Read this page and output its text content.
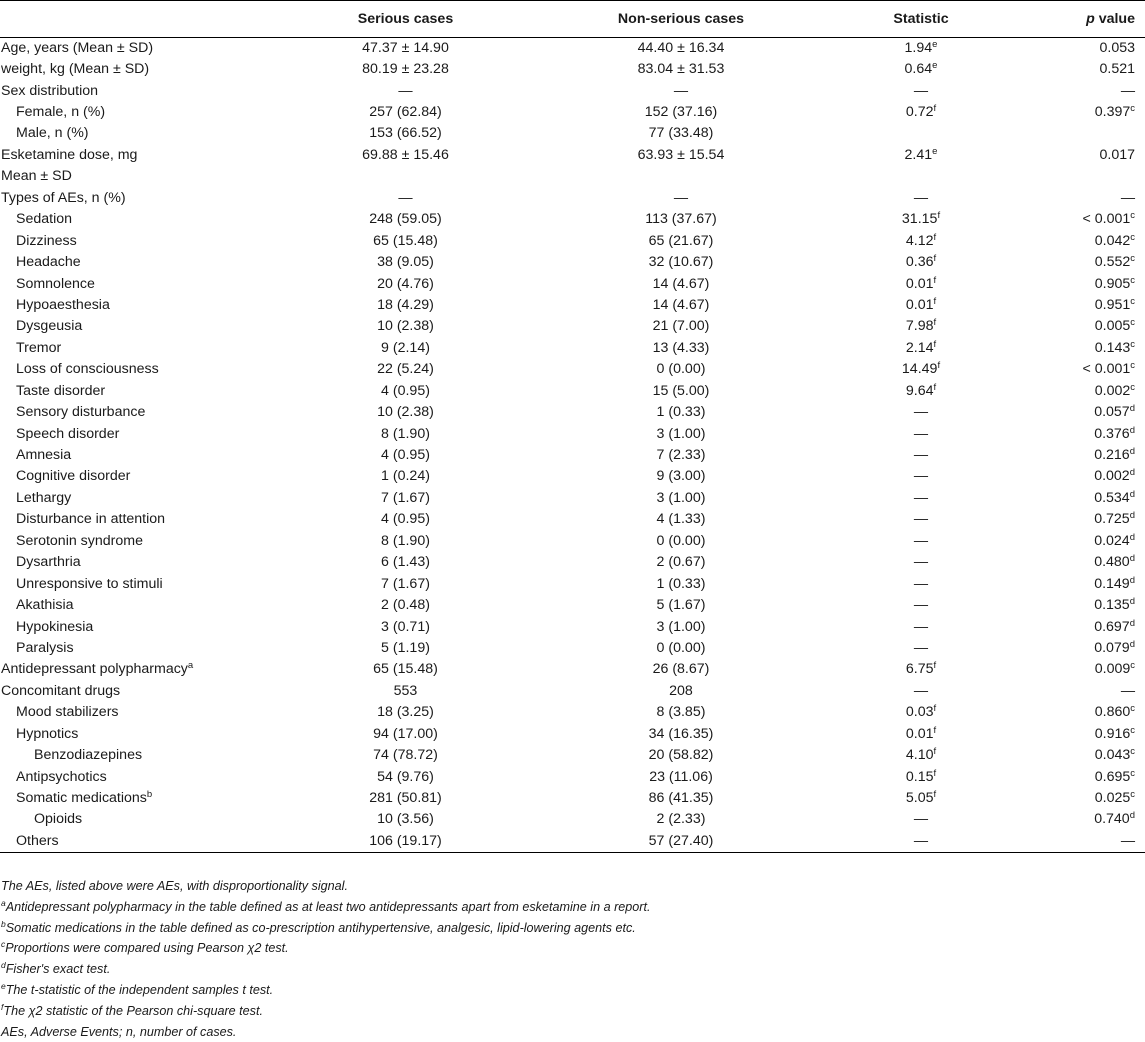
	Serious cases	Non-serious cases	Statistic	p value
Age, years (Mean ± SD)	47.37 ± 14.90	44.40 ± 16.34	1.94e	0.053
weight, kg (Mean ± SD)	80.19 ± 23.28	83.04 ± 31.53	0.64e	0.521
Sex distribution	—	—	—	—
Female, n (%)	257 (62.84)	152 (37.16)	0.72$^f$	0.397$^c$
Male, n (%)	153 (66.52)	77 (33.48)		
Esketamine dose, mg	69.88 ± 15.46	63.93 ± 15.54	2.41e	0.017
Mean ± SD				
Types of AEs, n (%)	—	—	—	—
Sedation	248 (59.05)	113 (37.67)	31.15$^f$	< 0.001$^c$
Dizziness	65 (15.48)	65 (21.67)	4.12$^f$	0.042$^c$
Headache	38 (9.05)	32 (10.67)	0.36$^f$	0.552$^c$
Somnolence	20 (4.76)	14 (4.67)	0.01$^f$	0.905$^c$
Hypoaesthesia	18 (4.29)	14 (4.67)	0.01$^f$	0.951$^c$
Dysgeusia	10 (2.38)	21 (7.00)	7.98$^f$	0.005$^c$
Tremor	9 (2.14)	13 (4.33)	2.14$^f$	0.143$^c$
Loss of consciousness	22 (5.24)	0 (0.00)	14.49$^f$	< 0.001$^c$
Taste disorder	4 (0.95)	15 (5.00)	9.64$^f$	0.002$^c$
Sensory disturbance	10 (2.38)	1 (0.33)	—	0.057$^d$
Speech disorder	8 (1.90)	3 (1.00)	—	0.376$^d$
Amnesia	4 (0.95)	7 (2.33)	—	0.216$^d$
Cognitive disorder	1 (0.24)	9 (3.00)	—	0.002$^d$
Lethargy	7 (1.67)	3 (1.00)	—	0.534$^d$
Disturbance in attention	4 (0.95)	4 (1.33)	—	0.725$^d$
Serotonin syndrome	8 (1.90)	0 (0.00)	—	0.024$^d$
Dysarthria	6 (1.43)	2 (0.67)	—	0.480$^d$
Unresponsive to stimuli	7 (1.67)	1 (0.33)	—	0.149$^d$
Akathisia	2 (0.48)	5 (1.67)	—	0.135$^d$
Hypokinesia	3 (0.71)	3 (1.00)	—	0.697$^d$
Paralysis	5 (1.19)	0 (0.00)	—	0.079$^d$
Antidepressant polypharmacy$^a$	65 (15.48)	26 (8.67)	6.75$^f$	0.009$^c$
Concomitant drugs	553	208	—	—
Mood stabilizers	18 (3.25)	8 (3.85)	0.03$^f$	0.860$^c$
Hypnotics	94 (17.00)	34 (16.35)	0.01$^f$	0.916$^c$
Benzodiazepines	74 (78.72)	20 (58.82)	4.10$^f$	0.043$^c$
Antipsychotics	54 (9.76)	23 (11.06)	0.15$^f$	0.695$^c$
Somatic medications$^b$	281 (50.81)	86 (41.35)	5.05$^f$	0.025$^c$
Opioids	10 (3.56)	2 (2.33)	—	0.740$^d$
Others	106 (19.17)	57 (27.40)	—	—
The AEs, listed above were AEs, with disproportionality signal.
$^a$Antidepressant polypharmacy in the table defined as at least two antidepressants apart from esketamine in a report.
$^b$Somatic medications in the table defined as co-prescription antihypertensive, analgesic, lipid-lowering agents etc.
$^c$Proportions were compared using Pearson χ2 test.
$^d$Fisher's exact test.
$^e$The t-statistic of the independent samples t test.
$^f$The χ2 statistic of the Pearson chi-square test.
AEs, Adverse Events; n, number of cases.
